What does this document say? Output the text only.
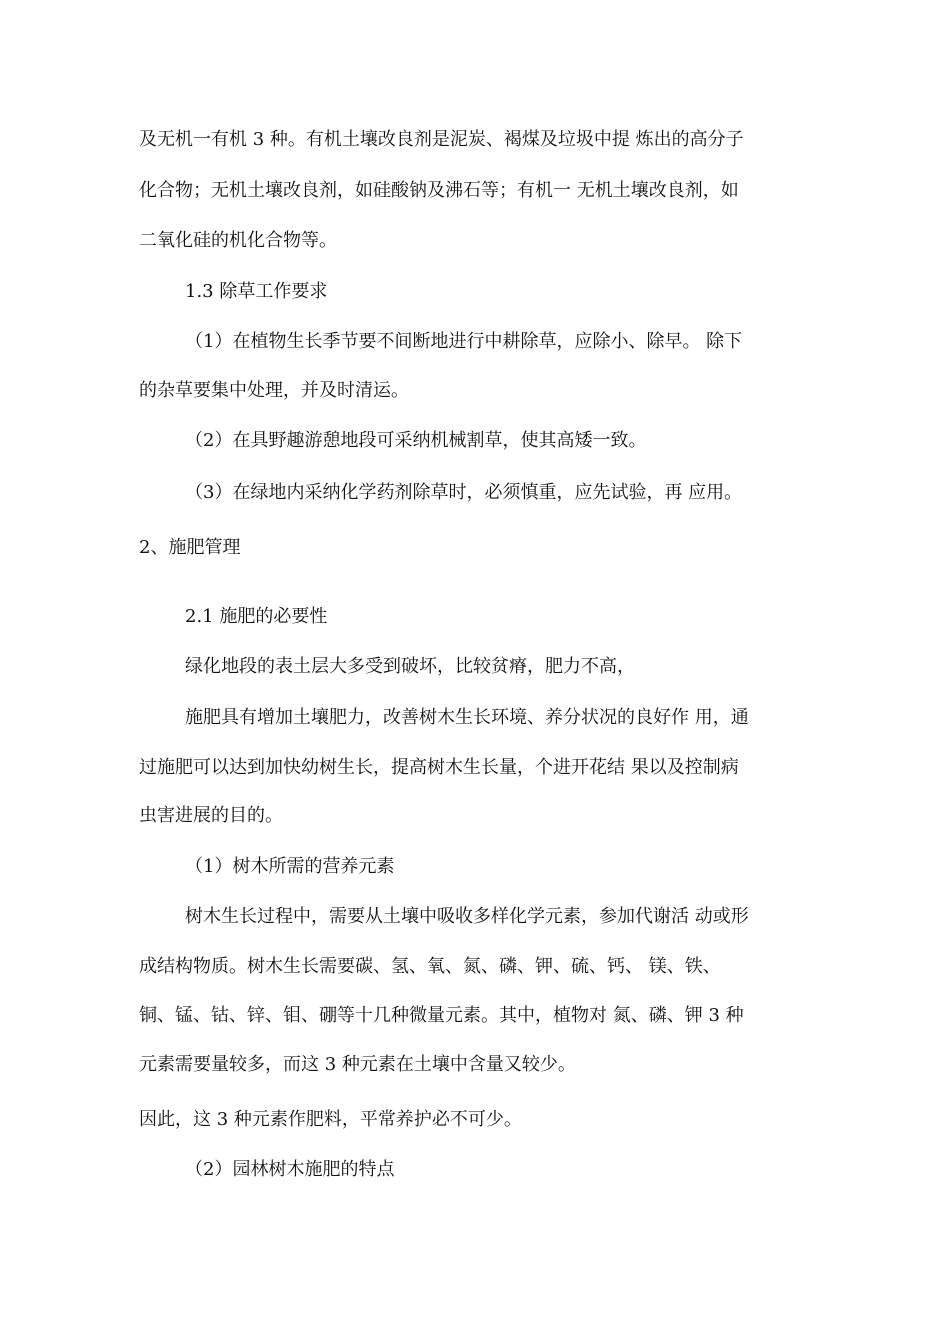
及无机一有机 3 种。有机土壤改良剂是泥炭、褐煤及垃圾中提 炼出的高分子
化合物；无机土壤改良剂，如硅酸钠及沸石等；有机一 无机土壤改良剂，如
二氧化硅的机化合物等。
1.3 除草工作要求
（1）在植物生长季节要不间断地进行中耕除草，应除小、除早。 除下
的杂草要集中处理，并及时清运。
（2）在具野趣游憩地段可采纳机械割草，使其高矮一致。
（3）在绿地内采纳化学药剂除草时，必须慎重，应先试验，再 应用。
2、施肥管理
2.1 施肥的必要性
绿化地段的表土层大多受到破坏，比较贫瘠，肥力不高，
施肥具有增加土壤肥力，改善树木生长环境、养分状况的良好作 用，通
过施肥可以达到加快幼树生长，提高树木生长量，个进开花结 果以及控制病
虫害进展的目的。
（1）树木所需的营养元素
树木生长过程中，需要从土壤中吸收多样化学元素，参加代谢活 动或形
成结构物质。树木生长需要碳、氢、氧、氮、磷、钾、硫、钙、 镁、铁、
铜、锰、钴、锌、钼、硼等十几种微量元素。其中，植物对 氮、磷、钾 3 种
元素需要量较多，而这 3 种元素在土壤中含量又较少。
因此，这 3 种元素作肥料，平常养护必不可少。
（2）园林树木施肥的特点
